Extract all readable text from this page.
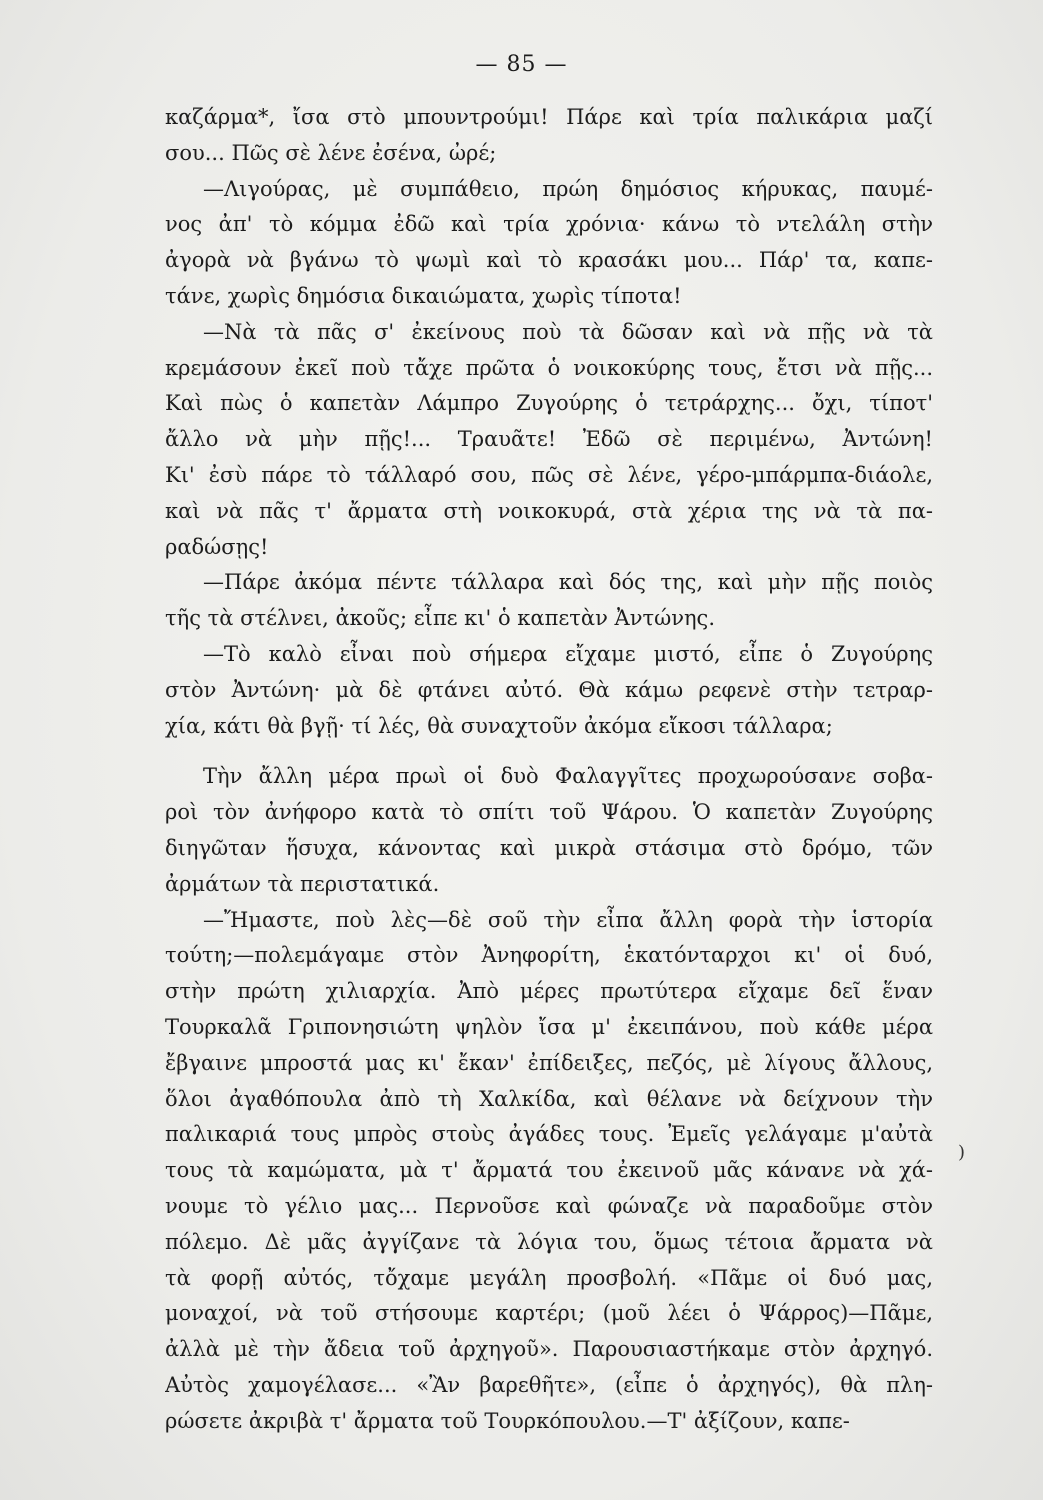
— 85 —
καζάρμα*, ἴσα στὸ μπουντρούμι! Πάρε καὶ τρία παλικάρια μαζί
σου... Πῶς σὲ λένε ἐσένα, ὠρέ;
—Λιγούρας, μὲ συμπάθειο, πρώη δημόσιος κήρυκας, παυμέ-
νος ἀπ' τὸ κόμμα ἐδῶ καὶ τρία χρόνια· κάνω τὸ ντελάλη στὴν
ἀγορὰ νὰ βγάνω τὸ ψωμὶ καὶ τὸ κρασάκι μου... Πάρ' τα, καπε-
τάνε, χωρὶς δημόσια δικαιώματα, χωρὶς τίποτα!
—Νὰ τὰ πᾶς σ' ἐκείνους ποὺ τὰ δῶσαν καὶ νὰ πῇς νὰ τὰ
κρεμάσουν ἐκεῖ ποὺ τἄχε πρῶτα ὁ νοικοκύρης τους, ἔτσι νὰ πῇς...
Καὶ πὼς ὁ καπετὰν Λάμπρο Ζυγούρης ὁ τετράρχης... ὄχι, τίποτ'
ἄλλο νὰ μὴν πῇς!... Τραυᾶτε! Ἐδῶ σὲ περιμένω, Ἀντώνη!
Κι' ἐσὺ πάρε τὸ τάλλαρό σου, πῶς σὲ λένε, γέρο-μπάρμπα-διάολε,
καὶ νὰ πᾶς τ' ἄρματα στὴ νοικοκυρά, στὰ χέρια της νὰ τὰ πα-
ραδώσῃς!
—Πάρε ἀκόμα πέντε τάλλαρα καὶ δός της, καὶ μὴν πῇς ποιὸς
τῆς τὰ στέλνει, ἀκοῦς; εἶπε κι' ὁ καπετὰν Ἀντώνης.
—Τὸ καλὸ εἶναι ποὺ σήμερα εἴχαμε μιστό, εἶπε ὁ Ζυγούρης
στὸν Ἀντώνη· μὰ δὲ φτάνει αὐτό. Θὰ κάμω ρεφενὲ στὴν τετραρ-
χία, κάτι θὰ βγῇ· τί λές, θὰ συναχτοῦν ἀκόμα εἴκοσι τάλλαρα;
Τὴν ἄλλη μέρα πρωὶ οἱ δυὸ Φαλαγγῖτες προχωρούσανε σοβα-
ροὶ τὸν ἀνήφορο κατὰ τὸ σπίτι τοῦ Ψάρου. Ὁ καπετὰν Ζυγούρης
διηγῶταν ἥσυχα, κάνοντας καὶ μικρὰ στάσιμα στὸ δρόμο, τῶν
ἀρμάτων τὰ περιστατικά.
—Ἤμαστε, ποὺ λὲς—δὲ σοῦ τὴν εἶπα ἄλλη φορὰ τὴν ἱστορία
τούτη;—πολεμάγαμε στὸν Ἀνηφορίτη, ἑκατόνταρχοι κι' οἱ δυό,
στὴν πρώτη χιλιαρχία. Ἀπὸ μέρες πρωτύτερα εἴχαμε δεῖ ἕναν
Τουρκαλᾶ Γριπονησιώτη ψηλὸν ἴσα μ' ἐκειπάνου, ποὺ κάθε μέρα
ἔβγαινε μπροστά μας κι' ἔκαν' ἐπίδειξες, πεζός, μὲ λίγους ἄλλους,
ὅλοι ἀγαθόπουλα ἀπὸ τὴ Χαλκίδα, καὶ θέλανε νὰ δείχνουν τὴν
παλικαριά τους μπρὸς στοὺς ἀγάδες τους. Ἐμεῖς γελάγαμε μ'αὐτὰ
τους τὰ καμώματα, μὰ τ' ἄρματά του ἐκεινοῦ μᾶς κάνανε νὰ χά-
νουμε τὸ γέλιο μας... Περνοῦσε καὶ φώναζε νὰ παραδοῦμε στὸν
πόλεμο. Δὲ μᾶς ἀγγίζανε τὰ λόγια του, ὅμως τέτοια ἄρματα νὰ
τὰ φορῇ αὐτός, τὄχαμε μεγάλη προσβολή. «Πᾶμε οἱ δυό μας,
μοναχοί, νὰ τοῦ στήσουμε καρτέρι; (μοῦ λέει ὁ Ψάρρος)—Πᾶμε,
ἀλλὰ μὲ τὴν ἄδεια τοῦ ἀρχηγοῦ». Παρουσιαστήκαμε στὸν ἀρχηγό.
Αὐτὸς χαμογέλασε... «Ἂν βαρεθῆτε», (εἶπε ὁ ἀρχηγός), θὰ πλη-
ρώσετε ἀκριβὰ τ' ἄρματα τοῦ Τουρκόπουλου.—Τ' ἀξίζουν, καπε-
)
